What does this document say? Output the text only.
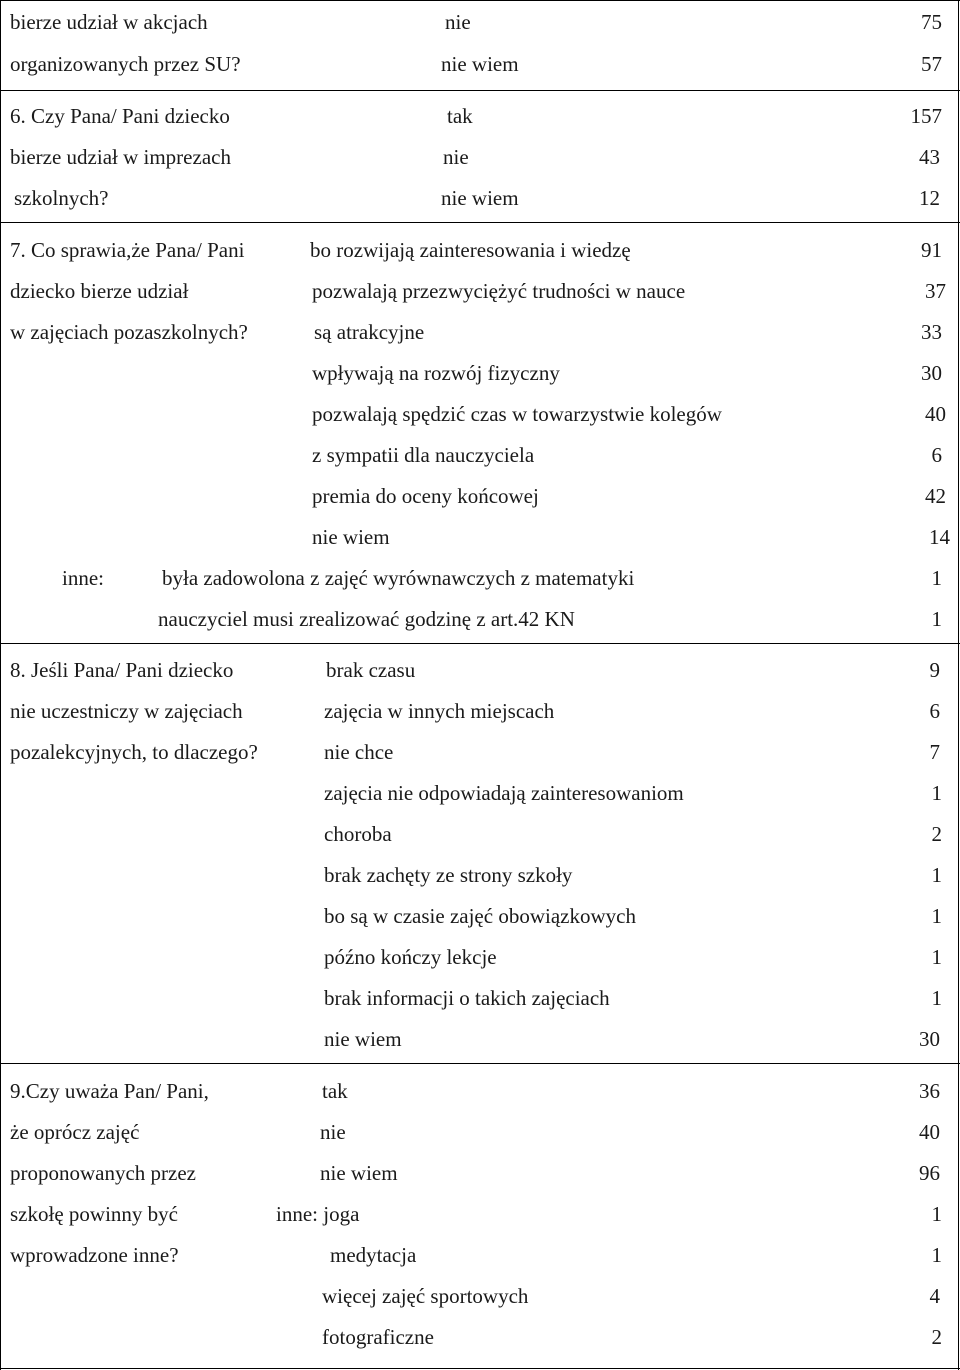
bierze udział w akcjach
organizowanych przez SU?
nie	75
nie wiem	57
6. Czy Pana/ Pani dziecko
bierze udział w imprezach
szkolnych?
tak	157
nie	43
nie wiem	12
7. Co sprawia,że Pana/ Pani
dziecko bierze udział
w zajęciach pozaszkolnych?
bo rozwijają zainteresowania i wiedzę	91
pozwalają przezwyciężyć trudności w nauce	37
są atrakcyjne	33
wpływają na rozwój fizyczny	30
pozwalają spędzić czas w towarzystwie kolegów	40
z sympatii dla nauczyciela	6
premia do oceny końcowej	42
nie wiem	14
inne:	była zadowolona z zajęć wyrównawczych z matematyki	1
nauczyciel musi zrealizować godzinę z art.42 KN	1
8. Jeśli Pana/ Pani dziecko
nie uczestniczy w zajęciach
pozalekcyjnych, to dlaczego?
brak czasu	9
zajęcia w innych miejscach	6
nie chce	7
zajęcia nie odpowiadają zainteresowaniom	1
choroba	2
brak zachęty ze strony szkoły	1
bo są w czasie zajęć obowiązkowych	1
późno kończy lekcje	1
brak informacji o takich zajęciach	1
nie wiem	30
9.Czy uważa Pan/ Pani,
że oprócz zajęć
proponowanych przez
szkołę powinny być
wprowadzone inne?
tak	36
nie	40
nie wiem	96
inne: joga	1
medytacja	1
więcej zajęć sportowych	4
fotograficzne	2
